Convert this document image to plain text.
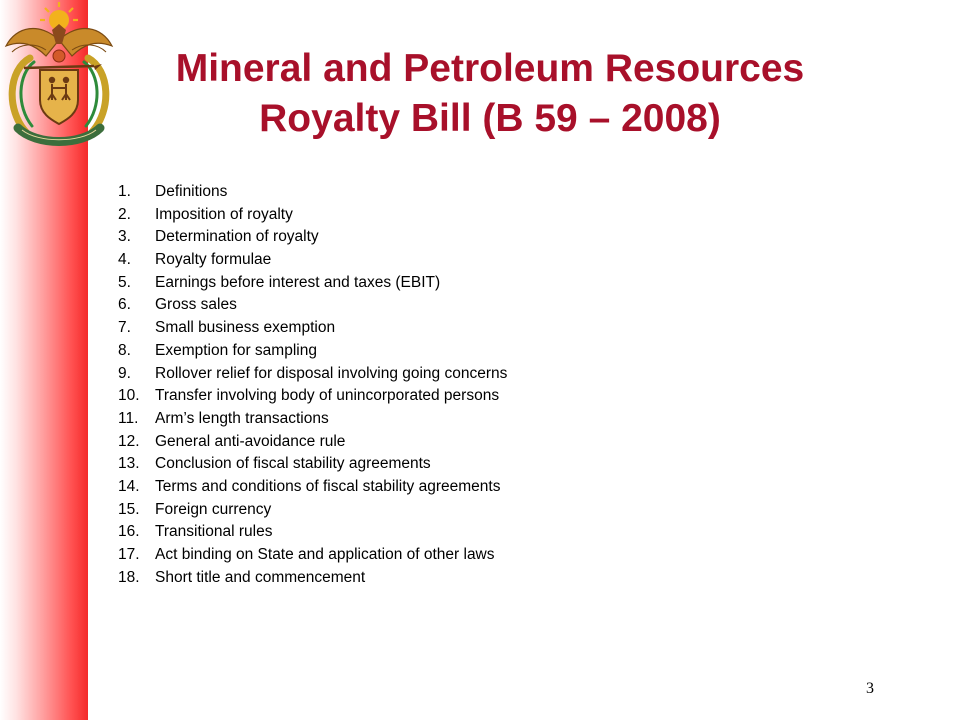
Mineral and Petroleum Resources
Royalty Bill (B 59 – 2008)
1. Definitions
2. Imposition of royalty
3. Determination of royalty
4. Royalty formulae
5. Earnings before interest and taxes (EBIT)
6. Gross sales
7. Small business exemption
8. Exemption for sampling
9. Rollover relief for disposal involving going concerns
10. Transfer involving body of unincorporated persons
11. Arm’s length transactions
12. General anti-avoidance rule
13. Conclusion of fiscal stability agreements
14. Terms and conditions of fiscal stability agreements
15. Foreign currency
16. Transitional rules
17. Act binding on State and application of other laws
18. Short title and commencement
3
